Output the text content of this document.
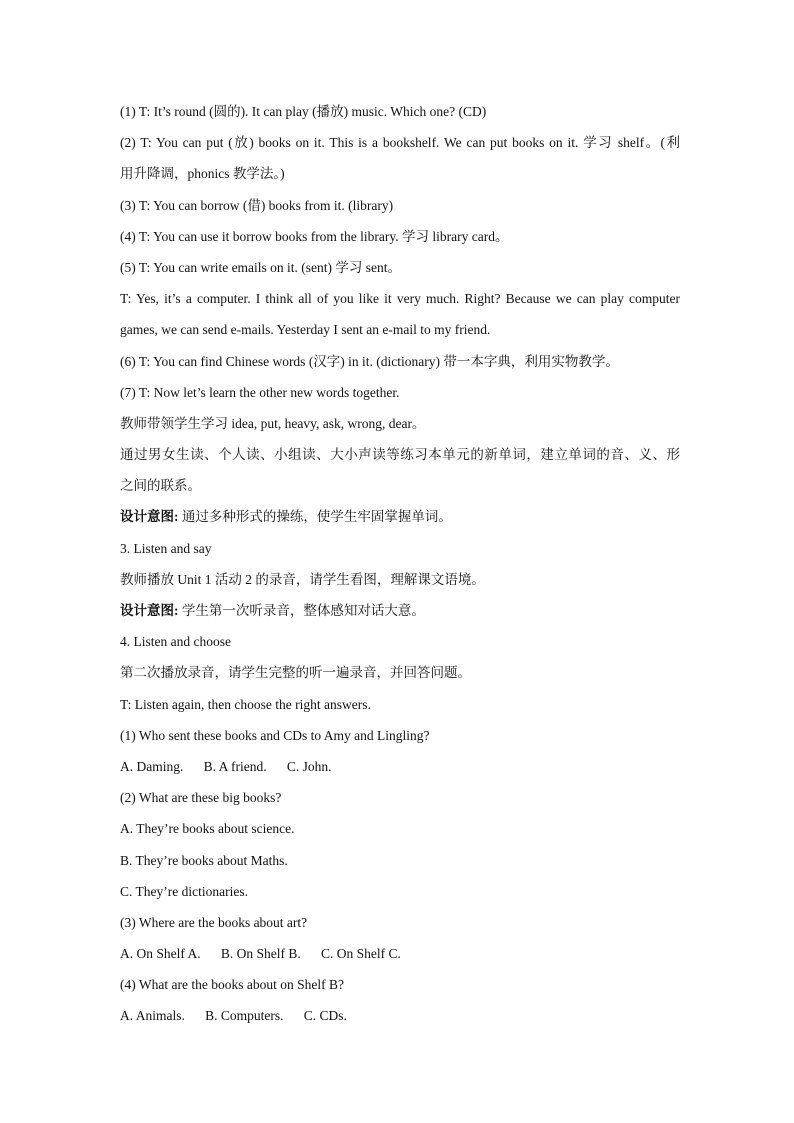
(1) T: It’s round (圆的). It can play (播放) music. Which one? (CD)
(2) T: You can put (放) books on it. This is a bookshelf. We can put books on it. 学习 shelf。(利
用升降调，phonics 教学法。)
(3) T: You can borrow (借) books from it. (library)
(4) T: You can use it borrow books from the library. 学习 library card。
(5) T: You can write emails on it. (sent) 学习 sent。
T: Yes, it’s a computer. I think all of you like it very much. Right? Because we can play computer
games, we can send e-mails. Yesterday I sent an e-mail to my friend.
(6) T: You can find Chinese words (汉字) in it. (dictionary) 带一本字典，利用实物教学。
(7) T: Now let’s learn the other new words together.
教师带领学生学习 idea, put, heavy, ask, wrong, dear。
通过男女生读、个人读、小组读、大小声读等练习本单元的新单词，建立单词的音、义、形
之间的联系。
设计意图: 通过多种形式的操练，使学生牢固掌握单词。
3. Listen and say
教师播放 Unit 1 活动 2 的录音，请学生看图，理解课文语境。
设计意图: 学生第一次听录音，整体感知对话大意。
4. Listen and choose
第二次播放录音，请学生完整的听一遍录音，并回答问题。
T: Listen again, then choose the right answers.
(1) Who sent these books and CDs to Amy and Lingling?
A. Daming.      B. A friend.      C. John.
(2) What are these big books?
A. They’re books about science.
B. They’re books about Maths.
C. They’re dictionaries.
(3) Where are the books about art?
A. On Shelf A.      B. On Shelf B.      C. On Shelf C.
(4) What are the books about on Shelf B?
A. Animals.      B. Computers.      C. CDs.
